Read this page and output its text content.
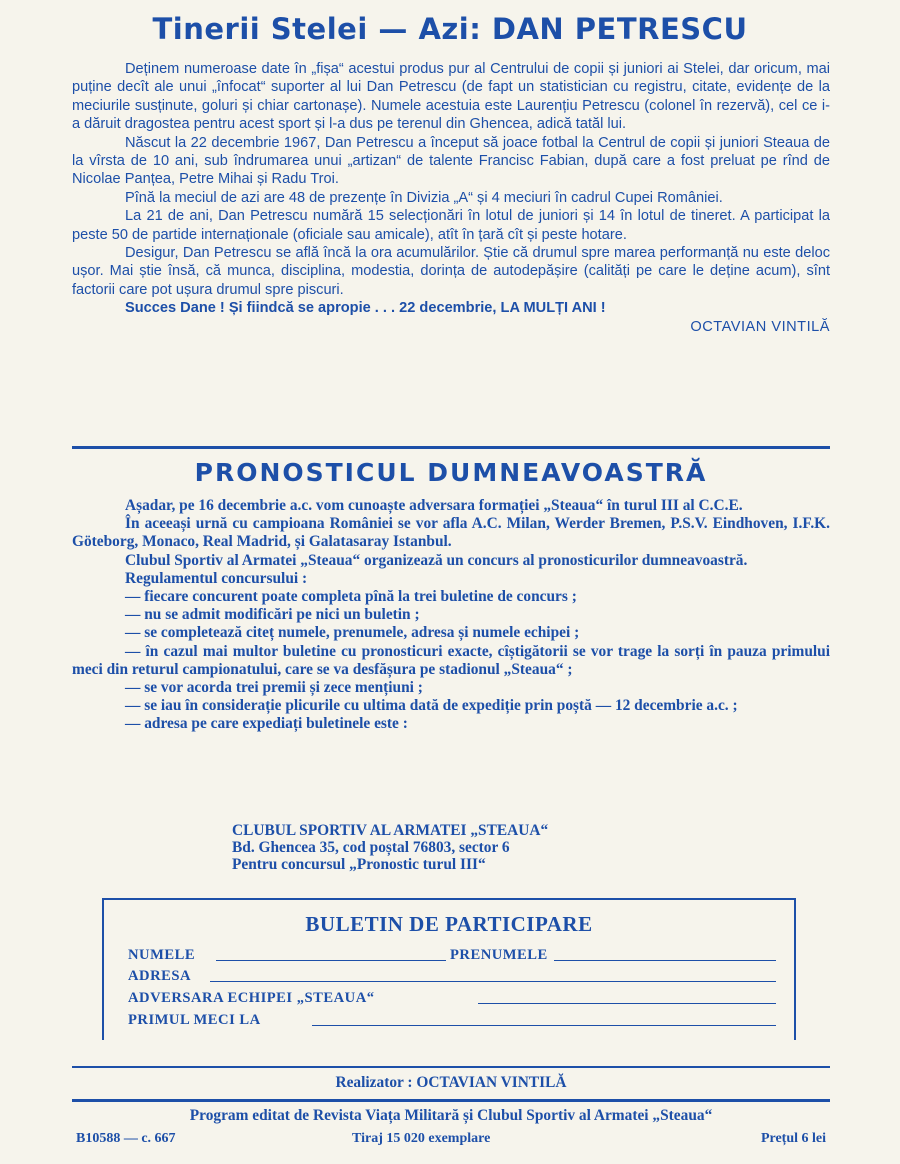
Tinerii Stelei — Azi: DAN PETRESCU

Deținem numeroase date în „fișa“ acestui produs pur al Centrului de copii și juniori ai Stelei, dar oricum, mai puține decît ale unui „înfocat“ suporter al lui Dan Petrescu (de fapt un statistician cu registru, citate, evidențe de la meciurile susținute, goluri și chiar cartonașe). Numele acestuia este Laurențiu Petrescu (colonel în rezervă), cel ce i-a dăruit dragostea pentru acest sport și l-a dus pe terenul din Ghencea, adică tatăl lui.

Născut la 22 decembrie 1967, Dan Petrescu a început să joace fotbal la Centrul de copii și juniori Steaua de la vîrsta de 10 ani, sub îndrumarea unui „artizan“ de talente Francisc Fabian, după care a fost preluat pe rînd de Nicolae Panțea, Petre Mihai și Radu Troi.

Pînă la meciul de azi are 48 de prezențe în Divizia „A“ și 4 meciuri în cadrul Cupei României.

La 21 de ani, Dan Petrescu numără 15 selecționări în lotul de juniori și 14 în lotul de tineret. A participat la peste 50 de partide internaționale (oficiale sau amicale), atît în țară cît și peste hotare.

Desigur, Dan Petrescu se află încă la ora acumulărilor. Știe că drumul spre marea performanță nu este deloc ușor. Mai știe însă, că munca, disciplina, modestia, dorința de autodepășire (calități pe care le deține acum), sînt factorii care pot ușura drumul spre piscuri.

Succes Dane ! Și fiindcă se apropie . . . 22 decembrie, LA MULȚI ANI !

OCTAVIAN VINTILĂ

PRONOSTICUL DUMNEAVOASTRĂ

Așadar, pe 16 decembrie a.c. vom cunoaște adversara formației „Steaua“ în turul III al C.C.E.

În aceeași urnă cu campioana României se vor afla A.C. Milan, Werder Bremen, P.S.V. Eindhoven, I.F.K. Göteborg, Monaco, Real Madrid, și Galatasaray Istanbul.

Clubul Sportiv al Armatei „Steaua“ organizează un concurs al pronosticurilor dumneavoastră.

Regulamentul concursului :

— fiecare concurent poate completa pînă la trei buletine de concurs ;

— nu se admit modificări pe nici un buletin ;

— se completează citeț numele, prenumele, adresa și numele echipei ;

— în cazul mai multor buletine cu pronosticuri exacte, cîștigătorii se vor trage la sorți în pauza primului meci din returul campionatului, care se va desfășura pe stadionul „Steaua“ ;

— se vor acorda trei premii și zece mențiuni ;

— se iau în considerație plicurile cu ultima dată de expediție prin poștă — 12 decembrie a.c. ;

— adresa pe care expediați buletinele este :

CLUBUL SPORTIV AL ARMATEI „STEAUA“
Bd. Ghencea 35, cod poștal 76803, sector 6
Pentru concursul „Pronostic turul III“
BULETIN DE PARTICIPARE
NUMELE	PRENUMELE
ADRESA
ADVERSARA ECHIPEI „STEAUA“
PRIMUL MECI LA
Realizator : OCTAVIAN VINTILĂ
Program editat de Revista Viața Militară și Clubul Sportiv al Armatei „Steaua“
B10588 — c. 667	Tiraj 15 020 exemplare	Prețul 6 lei
